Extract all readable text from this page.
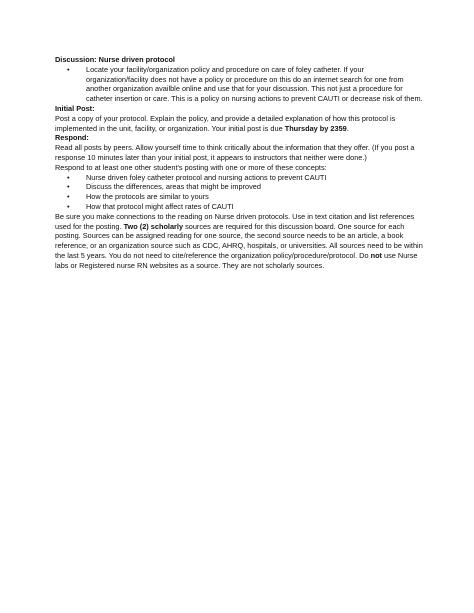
Discussion: Nurse driven protocol

• Locate your facility/organization policy and procedure on care of foley catheter. If your organization/facility does not have a policy or procedure on this do an internet search for one from another organization availble online and use that for your discussion. This not just a procedure for catheter insertion or care. This is a policy on nursing actions to prevent CAUTI or decrease risk of them.

Initial Post:

Post a copy of your protocol. Explain the policy, and provide a detailed explanation of how this protocol is implemented in the unit, facility, or organization. Your initial post is due Thursday by 2359.

Respond:

Read all posts by peers. Allow yourself time to think critically about the information that they offer. (If you post a response 10 minutes later than your initial post, it appears to instructors that neither were done.)

Respond to at least one other student's posting with one or more of these concepts:

• Nurse driven foley catheter protocol and nursing actions to prevent CAUTI
• Discuss the differences, areas that might be improved
• How the protocols are similar to yours
• How that protocol might affect rates of CAUTI

Be sure you make connections to the reading on Nurse driven protocols. Use in text citation and list references used for the posting. Two (2) scholarly sources are required for this discussion board. One source for each posting. Sources can be assigned reading for one source, the second source needs to be an article, a book reference, or an organization source such as CDC, AHRQ, hospitals, or universities. All sources need to be within the last 5 years. You do not need to cite/reference the organization policy/procedure/protocol. Do not use Nurse labs or Registered nurse RN websites as a source. They are not scholarly sources.
